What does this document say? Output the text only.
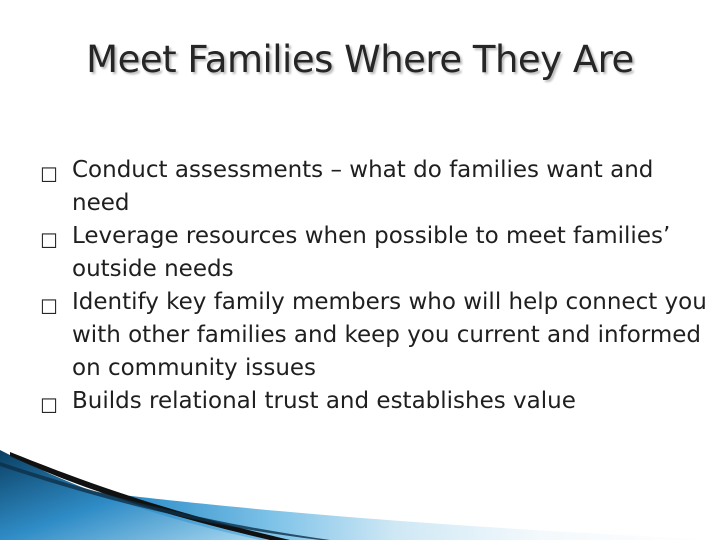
Meet Families Where They Are
☐ Conduct assessments – what do families want and need
☐ Leverage resources when possible to meet families’ outside needs
☐ Identify key family members who will help connect you with other families and keep you current and informed on community issues
☐ Builds relational trust and establishes value
